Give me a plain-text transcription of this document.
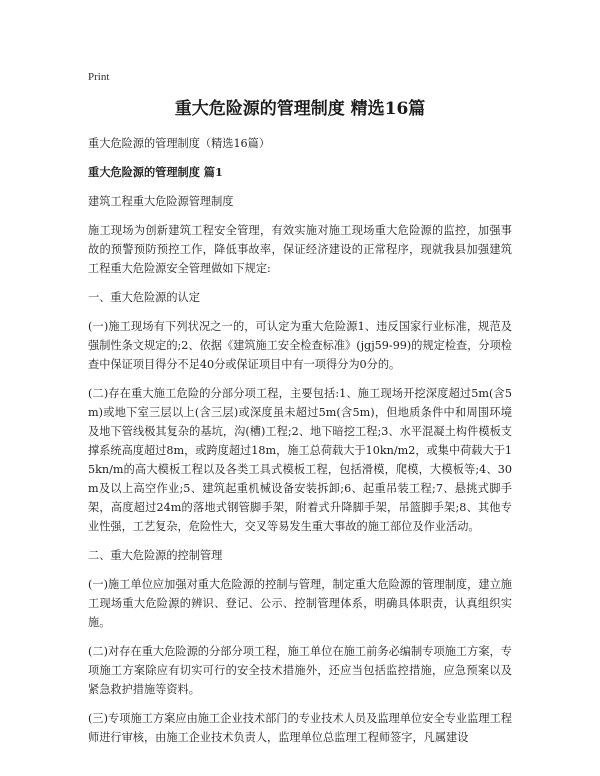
Print
重大危险源的管理制度 精选16篇

重大危险源的管理制度（精选16篇）

重大危险源的管理制度 篇1

建筑工程重大危险源管理制度

施工现场为创新建筑工程安全管理，有效实施对施工现场重大危险源的监控，加强事故的预警预防预控工作，降低事故率，保证经济建设的正常程序，现就我县加强建筑工程重大危险源安全管理做如下规定:

一、重大危险源的认定

(一)施工现场有下列状况之一的，可认定为重大危险源1、违反国家行业标准，规范及强制性条文规定的;2、依据《建筑施工安全检查标准》(jgj59-99)的规定检查，分项检查中保证项目得分不足40分或保证项目中有一项得分为0分的。

(二)存在重大施工危险的分部分项工程，主要包括:1、施工现场开挖深度超过5m(含5m)或地下室三层以上(含三层)或深度虽未超过5m(含5m)，但地质条件中和周围环境及地下管线极其复杂的基坑，沟(槽)工程;2、地下暗挖工程;3、水平混凝土构件模板支撑系统高度超过8m，或跨度超过18m，施工总荷载大于10kn/m2，或集中荷载大于15kn/m的高大模板工程以及各类工具式模板工程，包括滑模，爬模，大模板等;4、30m及以上高空作业;5、建筑起重机械设备安装拆卸;6、起重吊装工程;7、悬挑式脚手架，高度超过24m的落地式钢管脚手架，附着式升降脚手架，吊篮脚手架;8、其他专业性强，工艺复杂，危险性大，交叉等易发生重大事故的施工部位及作业活动。

二、重大危险源的控制管理

(一)施工单位应加强对重大危险源的控制与管理，制定重大危险源的管理制度，建立施工现场重大危险源的辨识、登记、公示、控制管理体系，明确具体职责，认真组织实施。

(二)对存在重大危险源的分部分项工程，施工单位在施工前务必编制专项施工方案，专项施工方案除应有切实可行的安全技术措施外，还应当包括监控措施，应急预案以及紧急救护措施等资料。

(三)专项施工方案应由施工企业技术部门的专业技术人员及监理单位安全专业监理工程师进行审核，由施工企业技术负责人，监理单位总监理工程师签字，凡属建设
